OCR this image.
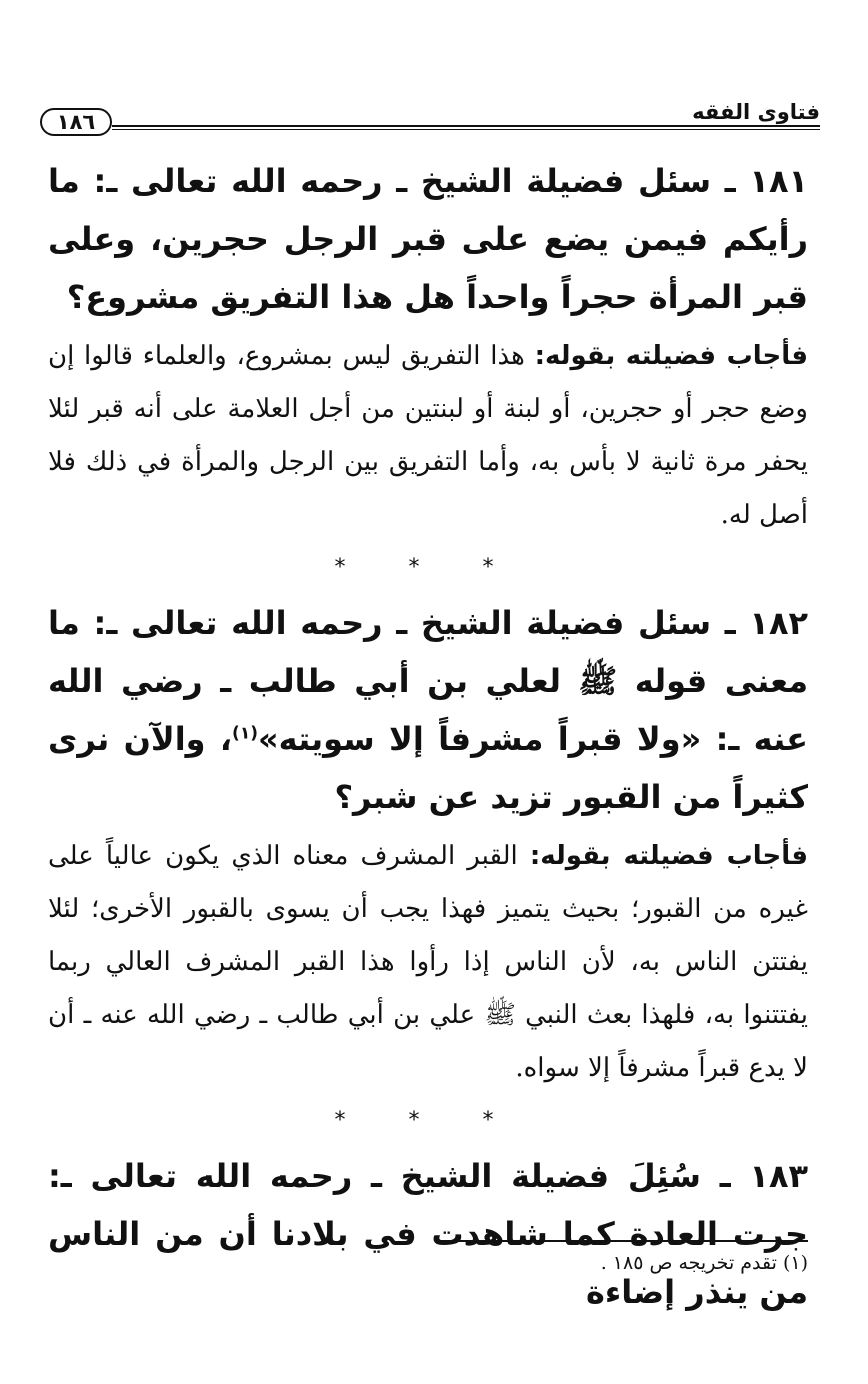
١٨٦	فتاوى الفقه

١٨١ ـ سئل فضيلة الشيخ ـ رحمه الله تعالى ـ: ما رأيكم فيمن يضع على قبر الرجل حجرين، وعلى قبر المرأة حجراً واحداً هل هذا التفريق مشروع؟

فأجاب فضيلته بقوله: هذا التفريق ليس بمشروع، والعلماء قالوا إن وضع حجر أو حجرين، أو لبنة أو لبنتين من أجل العلامة على أنه قبر لئلا يحفر مرة ثانية لا بأس به، وأما التفريق بين الرجل والمرأة في ذلك فلا أصل له.

* * *

١٨٢ ـ سئل فضيلة الشيخ ـ رحمه الله تعالى ـ: ما معنى قوله ﷺ لعلي بن أبي طالب ـ رضي الله عنه ـ: «ولا قبراً مشرفاً إلا سويته»$^{(١)}$، والآن نرى كثيراً من القبور تزيد عن شبر؟

فأجاب فضيلته بقوله: القبر المشرف معناه الذي يكون عالياً على غيره من القبور؛ بحيث يتميز فهذا يجب أن يسوى بالقبور الأخرى؛ لئلا يفتتن الناس به، لأن الناس إذا رأوا هذا القبر المشرف العالي ربما يفتتنوا به، فلهذا بعث النبي ﷺ علي بن أبي طالب ـ رضي الله عنه ـ أن لا يدع قبراً مشرفاً إلا سواه.

* * *

١٨٣ ـ سُئِلَ فضيلة الشيخ ـ رحمه الله تعالى ـ: جرت العادة كما شاهدت في بلادنا أن من الناس من ينذر إضاءة

(١) تقدم تخريجه ص ١٨٥ .
